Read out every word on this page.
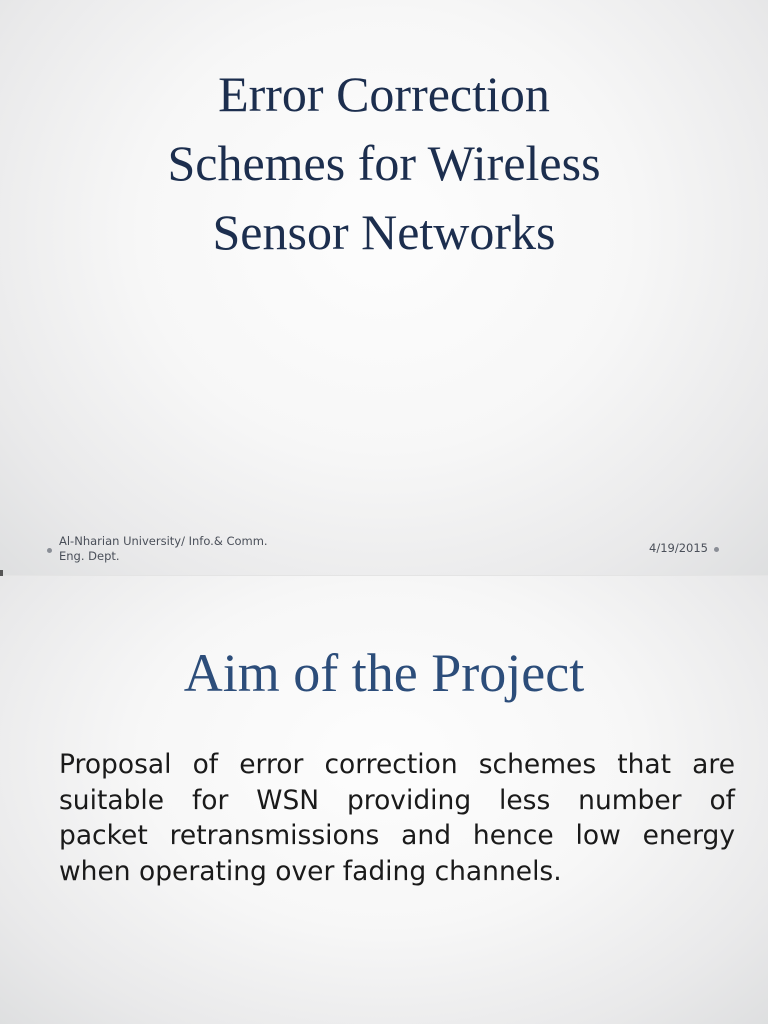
Error Correction
Schemes for Wireless
Sensor Networks
Al-Nharian University/ Info.& Comm.
Eng. Dept.
4/19/2015
Aim of the Project
Proposal of error correction schemes that are
suitable for WSN providing less number of
packet retransmissions and hence low energy
when operating over fading channels.
